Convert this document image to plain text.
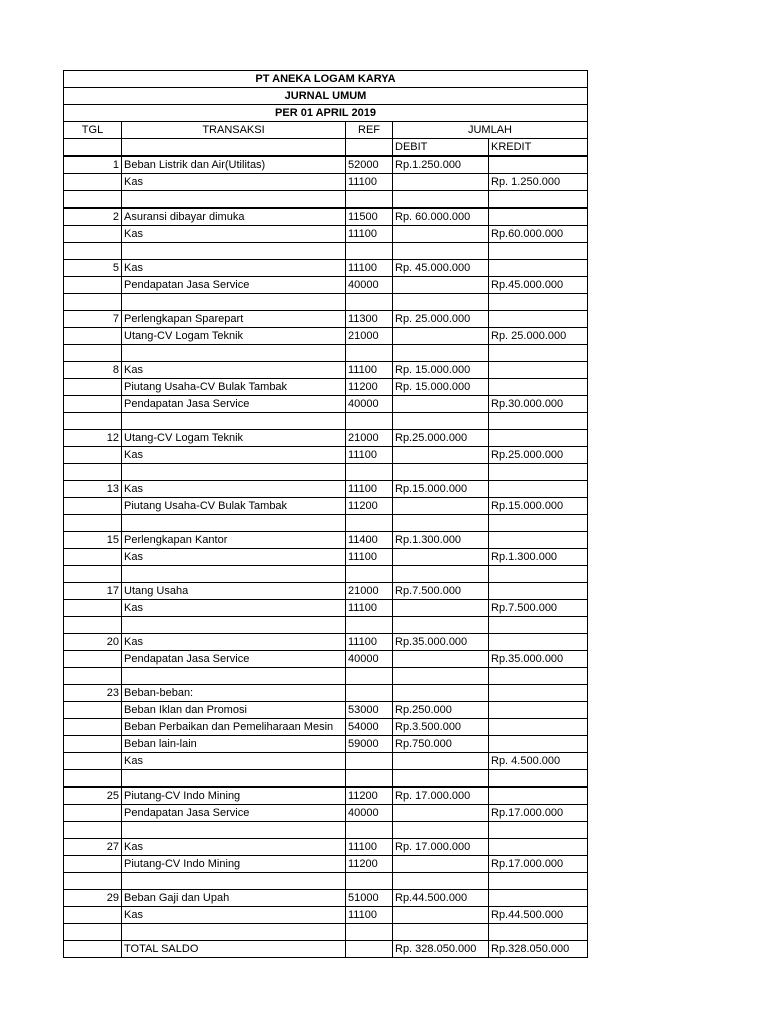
PT ANEKA LOGAM KARYA				
JURNAL UMUM				
PER 01 APRIL 2019				
TGL	TRANSAKSI	REF	JUMLAH	
			DEBIT	KREDIT
1	Beban Listrik dan Air(Utilitas)	52000	Rp.1.250.000	
	Kas	11100		Rp. 1.250.000

2	Asuransi dibayar dimuka	11500	Rp. 60.000.000	
	Kas	11100		Rp.60.000.000

5	Kas	11100	Rp. 45.000.000	
	Pendapatan Jasa Service	40000		Rp.45.000.000

7	Perlengkapan Sparepart	11300	Rp. 25.000.000	
	Utang-CV Logam Teknik	21000		Rp. 25.000.000

8	Kas	11100	Rp. 15.000.000	
	Piutang Usaha-CV Bulak Tambak	11200	Rp. 15.000.000	
	Pendapatan Jasa Service	40000		Rp.30.000.000

12	Utang-CV Logam Teknik	21000	Rp.25.000.000	
	Kas	11100		Rp.25.000.000

13	Kas	11100	Rp.15.000.000	
	Piutang Usaha-CV Bulak Tambak	11200		Rp.15.000.000

15	Perlengkapan Kantor	11400	Rp.1.300.000	
	Kas	11100		Rp.1.300.000

17	Utang Usaha	21000	Rp.7.500.000	
	Kas	11100		Rp.7.500.000

20	Kas	11100	Rp.35.000.000	
	Pendapatan Jasa Service	40000		Rp.35.000.000

23	Beban-beban:			
	Beban Iklan dan Promosi	53000	Rp.250.000	
	Beban Perbaikan dan Pemeliharaan Mesin	54000	Rp.3.500.000	
	Beban lain-lain	59000	Rp.750.000	
	Kas			Rp. 4.500.000

25	Piutang-CV Indo Mining	11200	Rp. 17.000.000	
	Pendapatan Jasa Service	40000		Rp.17.000.000

27	Kas	11100	Rp. 17.000.000	
	Piutang-CV Indo Mining	11200		Rp.17.000.000

29	Beban Gaji dan Upah	51000	Rp.44.500.000	
	Kas	11100		Rp.44.500.000

	TOTAL SALDO		Rp. 328.050.000	Rp.328.050.000
